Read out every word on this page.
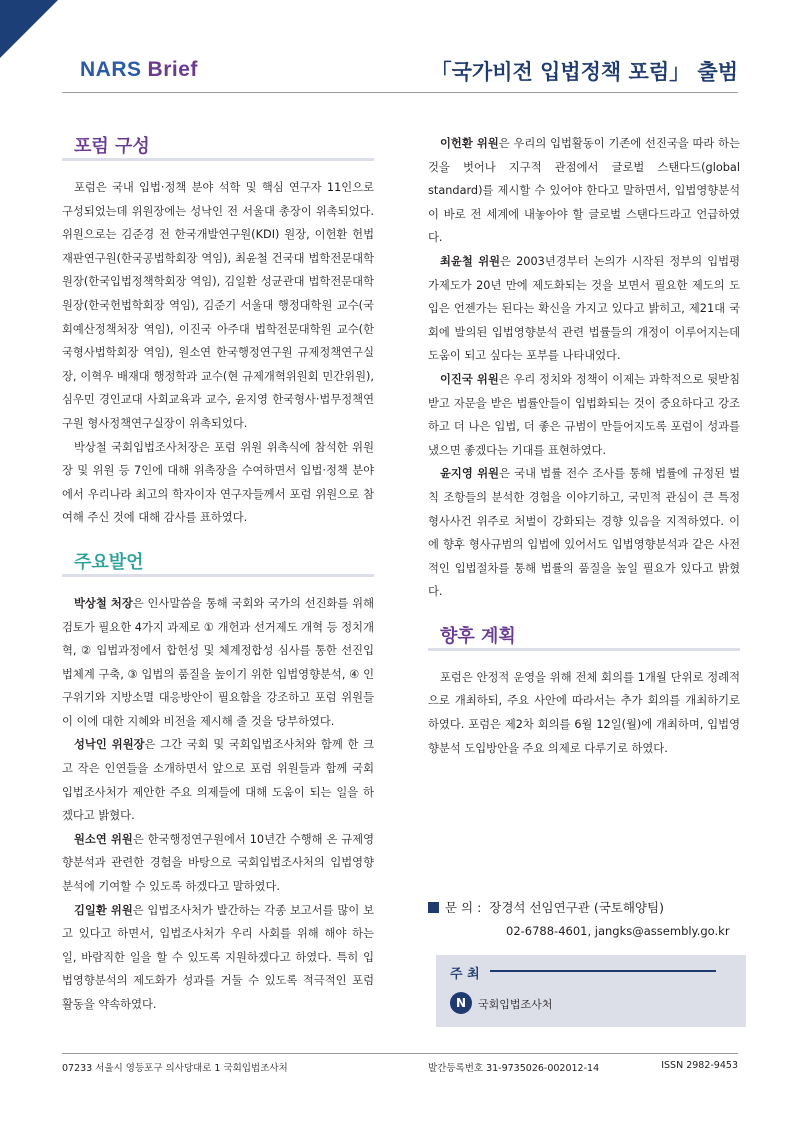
NARS Brief	「국가비전 입법정책 포럼」 출범
포럼 구성

포럼은 국내 입법·정책 분야 석학 및 핵심 연구자 11인으로 구성되었는데 위원장에는 성낙인 전 서울대 총장이 위촉되었다. 위원으로는 김준경 전 한국개발연구원(KDI) 원장, 이헌환 헌법재판연구원(한국공법학회장 역임), 최윤철 건국대 법학전문대학원장(한국입법정책학회장 역임), 김일환 성균관대 법학전문대학원장(한국헌법학회장 역임), 김준기 서울대 행정대학원 교수(국회예산정책처장 역임), 이진국 아주대 법학전문대학원 교수(한국형사법학회장 역임), 원소연 한국행정연구원 규제정책연구실장, 이혁우 배재대 행정학과 교수(현 규제개혁위원회 민간위원), 심우민 경인교대 사회교육과 교수, 윤지영 한국형사·법무정책연구원 형사정책연구실장이 위촉되었다.

박상철 국회입법조사처장은 포럼 위원 위촉식에 참석한 위원장 및 위원 등 7인에 대해 위촉장을 수여하면서 입법·정책 분야에서 우리나라 최고의 학자이자 연구자들께서 포럼 위원으로 참여해 주신 것에 대해 감사를 표하였다.

주요발언

박상철 처장은 인사말씀을 통해 국회와 국가의 선진화를 위해 검토가 필요한 4가지 과제로 ① 개헌과 선거제도 개혁 등 정치개혁, ② 입법과정에서 합헌성 및 체계정합성 심사를 통한 선진입법체계 구축, ③ 입법의 품질을 높이기 위한 입법영향분석, ④ 인구위기와 지방소멸 대응방안이 필요함을 강조하고 포럼 위원들이 이에 대한 지혜와 비전을 제시해 줄 것을 당부하였다.

성낙인 위원장은 그간 국회 및 국회입법조사처와 함께 한 크고 작은 인연들을 소개하면서 앞으로 포럼 위원들과 함께 국회입법조사처가 제안한 주요 의제들에 대해 도움이 되는 일을 하겠다고 밝혔다.

원소연 위원은 한국행정연구원에서 10년간 수행해 온 규제영향분석과 관련한 경험을 바탕으로 국회입법조사처의 입법영향분석에 기여할 수 있도록 하겠다고 말하였다.

김일환 위원은 입법조사처가 발간하는 각종 보고서를 많이 보고 있다고 하면서, 입법조사처가 우리 사회를 위해 해야 하는 일, 바람직한 일을 할 수 있도록 지원하겠다고 하였다. 특히 입법영향분석의 제도화가 성과를 거둘 수 있도록 적극적인 포럼 활동을 약속하였다.

이헌환 위원은 우리의 입법활동이 기존에 선진국을 따라 하는 것을 벗어나 지구적 관점에서 글로벌 스탠다드(global standard)를 제시할 수 있어야 한다고 말하면서, 입법영향분석이 바로 전 세계에 내놓아야 할 글로벌 스탠다드라고 언급하였다.

최윤철 위원은 2003년경부터 논의가 시작된 정부의 입법평가제도가 20년 만에 제도화되는 것을 보면서 필요한 제도의 도입은 언젠가는 된다는 확신을 가지고 있다고 밝히고, 제21대 국회에 발의된 입법영향분석 관련 법률들의 개정이 이루어지는데 도움이 되고 싶다는 포부를 나타내었다.

이진국 위원은 우리 정치와 정책이 이제는 과학적으로 뒷받침 받고 자문을 받은 법률안들이 입법화되는 것이 중요하다고 강조하고 더 나은 입법, 더 좋은 규범이 만들어지도록 포럼이 성과를 냈으면 좋겠다는 기대를 표현하였다.

윤지영 위원은 국내 법률 전수 조사를 통해 법률에 규정된 벌칙 조항들의 분석한 경험을 이야기하고, 국민적 관심이 큰 특정 형사사건 위주로 처벌이 강화되는 경향 있음을 지적하였다. 이에 향후 형사규범의 입법에 있어서도 입법영향분석과 같은 사전적인 입법절차를 통해 법률의 품질을 높일 필요가 있다고 밝혔다.

향후 계획

포럼은 안정적 운영을 위해 전체 회의를 1개월 단위로 정례적으로 개최하되, 주요 사안에 따라서는 추가 회의를 개최하기로 하였다. 포럼은 제2차 회의를 6월 12일(월)에 개최하며, 입법영향분석 도입방안을 주요 의제로 다루기로 하였다.

문 의 : 장경석 선임연구관 (국토해양팀)
02-6788-4601, jangks@assembly.go.kr
주 최
N	국회입법조사처
07233 서울시 영등포구 의사당대로 1 국회입법조사처	발간등록번호 31-9735026-002012-14	ISSN 2982-9453
